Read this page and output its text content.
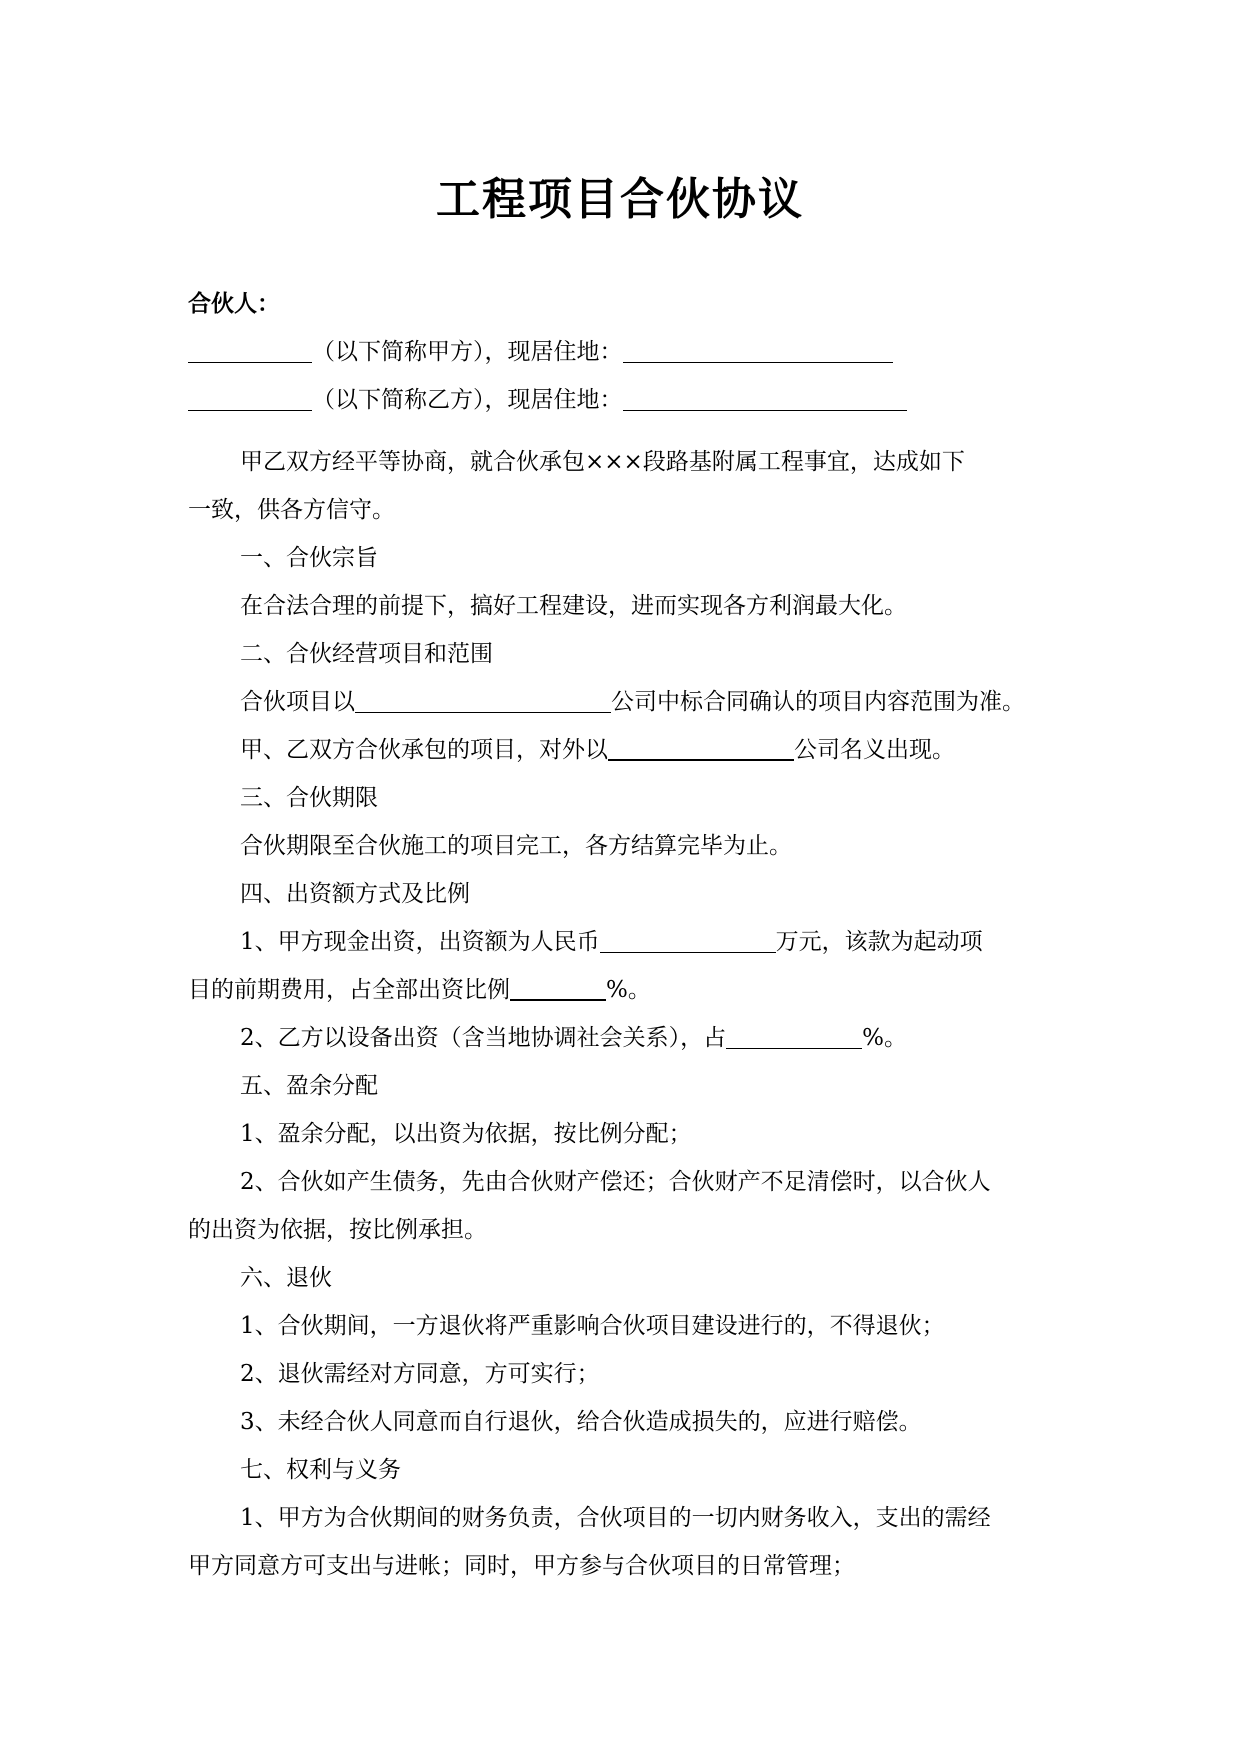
工程项目合伙协议
合伙人：
（以下简称甲方），现居住地：
（以下简称乙方），现居住地：
甲乙双方经平等协商，就合伙承包×××段路基附属工程事宜，达成如下
一致，供各方信守。
一、合伙宗旨
在合法合理的前提下，搞好工程建设，进而实现各方利润最大化。
二、合伙经营项目和范围
合伙项目以	公司中标合同确认的项目内容范围为准。
甲、乙双方合伙承包的项目，对外以	公司名义出现。
三、合伙期限
合伙期限至合伙施工的项目完工，各方结算完毕为止。
四、出资额方式及比例
1、甲方现金出资，出资额为人民币	万元，该款为起动项
目的前期费用，占全部出资比例	%。
2、乙方以设备出资（含当地协调社会关系），占	%。
五、盈余分配
1、盈余分配，以出资为依据，按比例分配；
2、合伙如产生债务，先由合伙财产偿还；合伙财产不足清偿时，以合伙人
的出资为依据，按比例承担。
六、退伙
1、合伙期间，一方退伙将严重影响合伙项目建设进行的，不得退伙；
2、退伙需经对方同意，方可实行；
3、未经合伙人同意而自行退伙，给合伙造成损失的，应进行赔偿。
七、权利与义务
1、甲方为合伙期间的财务负责，合伙项目的一切内财务收入，支出的需经
甲方同意方可支出与进帐；同时，甲方参与合伙项目的日常管理；
